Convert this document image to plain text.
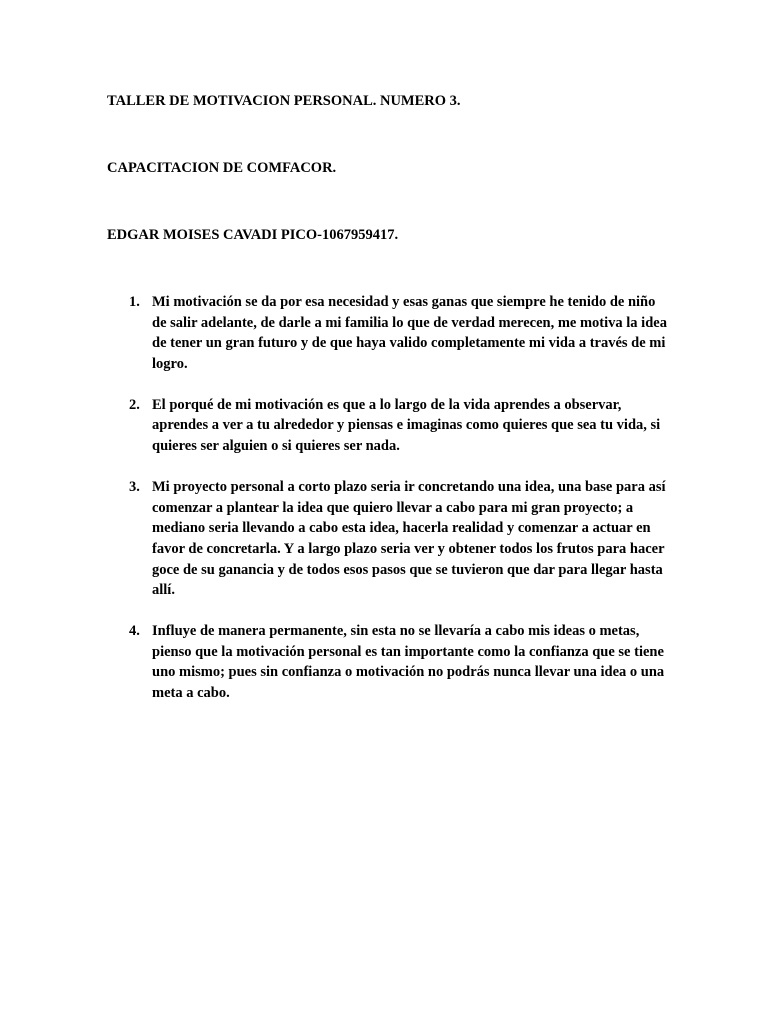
TALLER DE MOTIVACION PERSONAL. NUMERO 3.

CAPACITACION DE COMFACOR.

EDGAR MOISES CAVADI PICO-1067959417.

1. Mi motivación se da por esa necesidad y esas ganas que siempre he tenido de niño de salir adelante, de darle a mi familia lo que de verdad merecen, me motiva la idea de tener un gran futuro y de que haya valido completamente mi vida a través de mi logro.
2. El porqué de mi motivación es que a lo largo de la vida aprendes a observar, aprendes a ver a tu alrededor y piensas e imaginas como quieres que sea tu vida, si quieres ser alguien o si quieres ser nada.
3. Mi proyecto personal a corto plazo seria ir concretando una idea, una base para así comenzar a plantear la idea que quiero llevar a cabo para mi gran proyecto; a mediano seria llevando a cabo esta idea, hacerla realidad y comenzar a actuar en favor de concretarla. Y a largo plazo seria ver y obtener todos los frutos para hacer goce de su ganancia y de todos esos pasos que se tuvieron que dar para llegar hasta allí.
4. Influye de manera permanente, sin esta no se llevaría a cabo mis ideas o metas, pienso que la motivación personal es tan importante como la confianza que se tiene uno mismo; pues sin confianza o motivación no podrás nunca llevar una idea o una meta a cabo.
